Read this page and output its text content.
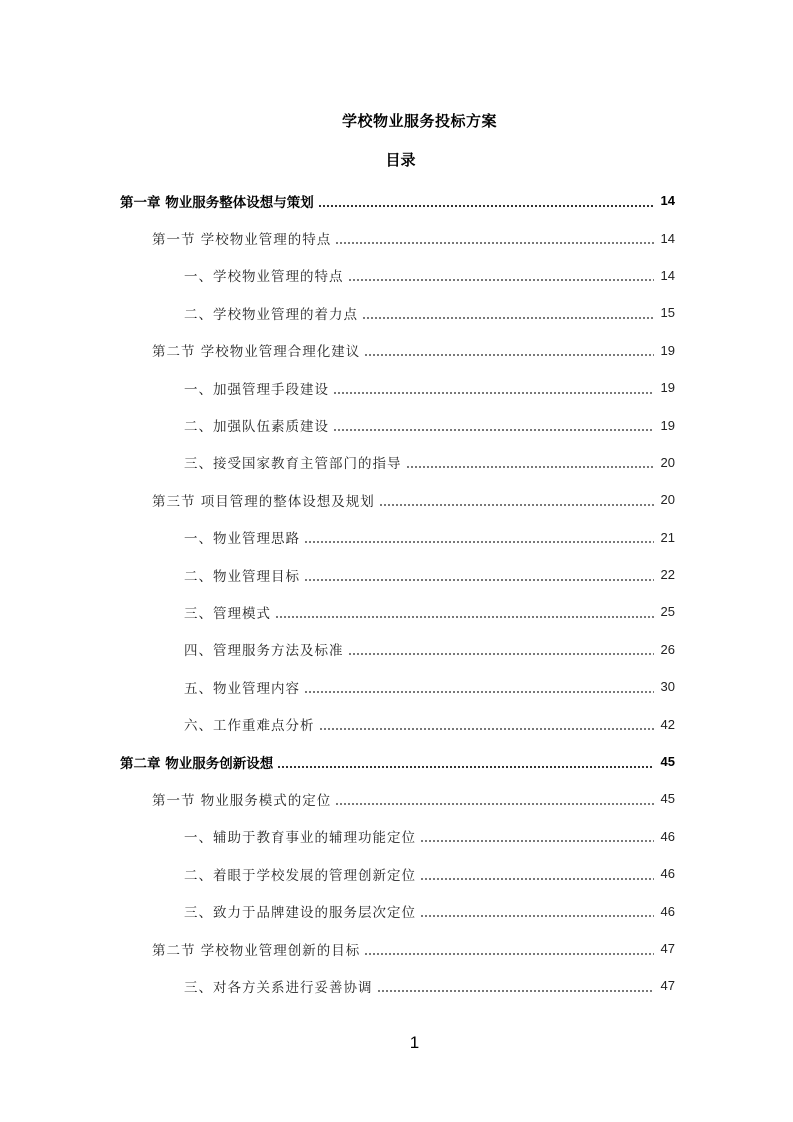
学校物业服务投标方案
目录
第一章 物业服务整体设想与策划	14
第一节 学校物业管理的特点	14
一、学校物业管理的特点	14
二、学校物业管理的着力点	15
第二节 学校物业管理合理化建议	19
一、加强管理手段建设	19
二、加强队伍素质建设	19
三、接受国家教育主管部门的指导	20
第三节 项目管理的整体设想及规划	20
一、物业管理思路	21
二、物业管理目标	22
三、管理模式	25
四、管理服务方法及标准	26
五、物业管理内容	30
六、工作重难点分析	42
第二章 物业服务创新设想	45
第一节 物业服务模式的定位	45
一、辅助于教育事业的辅理功能定位	46
二、着眼于学校发展的管理创新定位	46
三、致力于品牌建设的服务层次定位	46
第二节 学校物业管理创新的目标	47
三、对各方关系进行妥善协调	47
1
